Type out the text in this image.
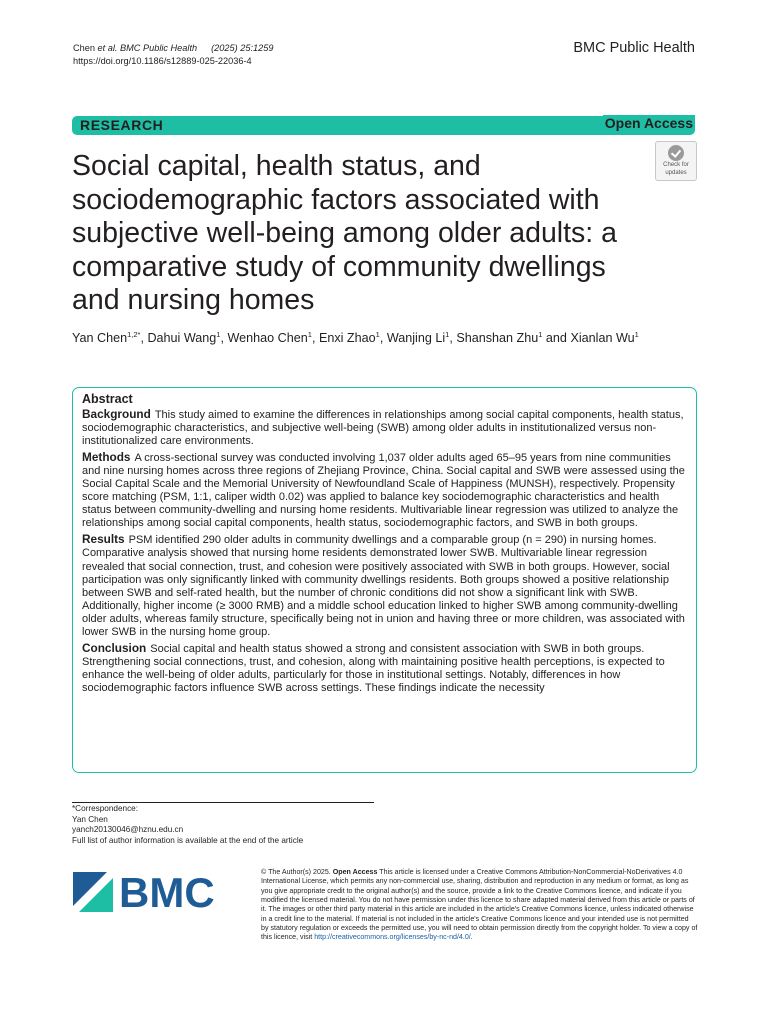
Chen et al. BMC Public Health (2025) 25:1259
https://doi.org/10.1186/s12889-025-22036-4
BMC Public Health
RESEARCH	Open Access
Social capital, health status, and sociodemographic factors associated with subjective well-being among older adults: a comparative study of community dwellings and nursing homes
Check for
updates
Yan Chen$^{1,2*}$, Dahui Wang$^1$, Wenhao Chen$^1$, Enxi Zhao$^1$, Wanjing Li$^1$, Shanshan Zhu$^1$ and Xianlan Wu$^1$
Abstract

Background This study aimed to examine the differences in relationships among social capital components, health status, sociodemographic characteristics, and subjective well-being (SWB) among older adults in institutionalized versus non-institutionalized care environments.

Methods A cross-sectional survey was conducted involving 1,037 older adults aged 65–95 years from nine communities and nine nursing homes across three regions of Zhejiang Province, China. Social capital and SWB were assessed using the Social Capital Scale and the Memorial University of Newfoundland Scale of Happiness (MUNSH), respectively. Propensity score matching (PSM, 1:1, caliper width 0.02) was applied to balance key sociodemographic characteristics and health status between community-dwelling and nursing home residents. Multivariable linear regression was utilized to analyze the relationships among social capital components, health status, sociodemographic factors, and SWB in both groups.

Results PSM identified 290 older adults in community dwellings and a comparable group (n = 290) in nursing homes. Comparative analysis showed that nursing home residents demonstrated lower SWB. Multivariable linear regression revealed that social connection, trust, and cohesion were positively associated with SWB in both groups. However, social participation was only significantly linked with community dwellings residents. Both groups showed a positive relationship between SWB and self-rated health, but the number of chronic conditions did not show a significant link with SWB. Additionally, higher income (≥ 3000 RMB) and a middle school education linked to higher SWB among community-dwelling older adults, whereas family structure, specifically being not in union and having three or more children, was associated with lower SWB in the nursing home group.

Conclusion Social capital and health status showed a strong and consistent association with SWB in both groups. Strengthening social connections, trust, and cohesion, along with maintaining positive health perceptions, is expected to enhance the well-being of older adults, particularly for those in institutional settings. Notably, differences in how sociodemographic factors influence SWB across settings. These findings indicate the necessity

*Correspondence:
Yan Chen
yanch20130046@hznu.edu.cn
Full list of author information is available at the end of the article
BMC	© The Author(s) 2025. Open Access This article is licensed under a Creative Commons Attribution-NonCommercial-NoDerivatives 4.0 International License, which permits any non-commercial use, sharing, distribution and reproduction in any medium or format, as long as you give appropriate credit to the original author(s) and the source, provide a link to the Creative Commons licence, and indicate if you modified the licensed material. You do not have permission under this licence to share adapted material derived from this article or parts of it. The images or other third party material in this article are included in the article's Creative Commons licence, unless indicated otherwise in a credit line to the material. If material is not included in the article's Creative Commons licence and your intended use is not permitted by statutory regulation or exceeds the permitted use, you will need to obtain permission directly from the copyright holder. To view a copy of this licence, visit http://creativecommons.org/licenses/by-nc-nd/4.0/.
